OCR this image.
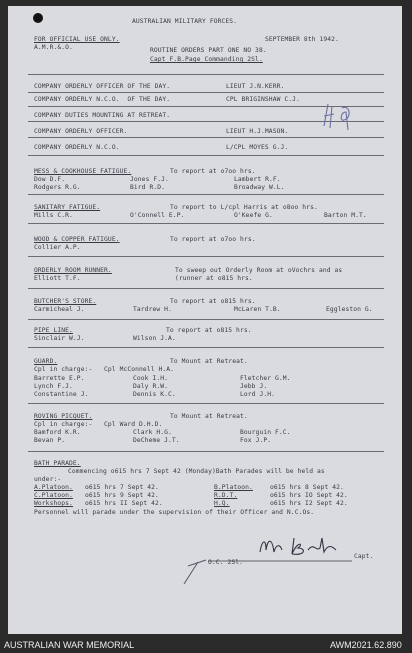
AUSTRALIAN MILITARY FORCES.
FOR OFFICIAL USE ONLY.
A.M.R.&.O.
SEPTEMBER 8th 1942.
ROUTINE ORDERS PART ONE NO 38.
Capt F.B.Page Commanding 2Sl.
COMPANY ORDERLY OFFICER OF THE DAY.	LIEUT J.N.KERR.
COMPANY ORDERLY N.C.O.  OF THE DAY.	CPL BRIGINSHAW C.J.
COMPANY DUTIES MOUNTING AT RETREAT.
COMPANY ORDERLY OFFICER.	LIEUT H.J.MASON.
COMPANY ORDERLY N.C.O.	L/CPL MOYES G.J.
MESS & COOKHOUSE FATIGUE.	To report at o7oo hrs.
Dow D.F.	Jones F.J.	Lambert R.F.
Rodgers R.G.	Bird R.D.	Broadway W.L.
SANITARY FATIGUE.	To report to L/cpl Harris at o8oo hrs.
Mills C.R.	O'Connell E.P.	O'Keefe G.	Barton M.T.
WOOD & COPPER FATIGUE.	To report at o7oo hrs.
Collier A.P.
ORDERLY ROOM RUNNER.	To sweep out Orderly Room at oVochrs and as
(runner at o815 hrs.
Elliott T.F.
BUTCHER'S STORE.	To report at o815 hrs.
Carmicheal J.	Tardrew H.	McLaren T.B.	Eggleston G.
PIPE LINE.	To report at o815 hrs.
Sinclair W.J.	Wilson J.A.
GUARD.	To Mount at Retreat.
Cpl in charge:- Cpl McConnell H.A.
Barrette E.P.	Cook I.H.	Fletcher G.M.
Lynch F.J.	Daly R.W.	Jebb J.
Constantine J.	Dennis K.C.	Lord J.H.
ROVING PICQUET.	To Mount at Retreat.
Cpl in charge:- Cpl Ward D.H.D.
Bamford K.R.	Clark H.G.	Bourguin F.C.
Bevan P.	DeCheme J.T.	Fox J.P.
BATH PARADE.
Commencing o615 hrs 7 Sept 42 (Monday)Bath Parades will be held as
under:-
A.Platoon. o615 hrs 7 Sept 42.	B.Platoon.	o615 hrs 8 Sept 42.
C.Platoon. o615 hrs 9 Sept 42.	R.D.T.	o615 hrs IO Sept 42.
Workshops. o615 hrs II Sept 42.	H.Q.	o615 hrs I2 Sept 42.
Personnel will parade under the supervision of their Officer and N.C.Os.
Capt.
O.C. 2Sl.
AUSTRALIAN WAR MEMORIAL	AWM2021.62.890
